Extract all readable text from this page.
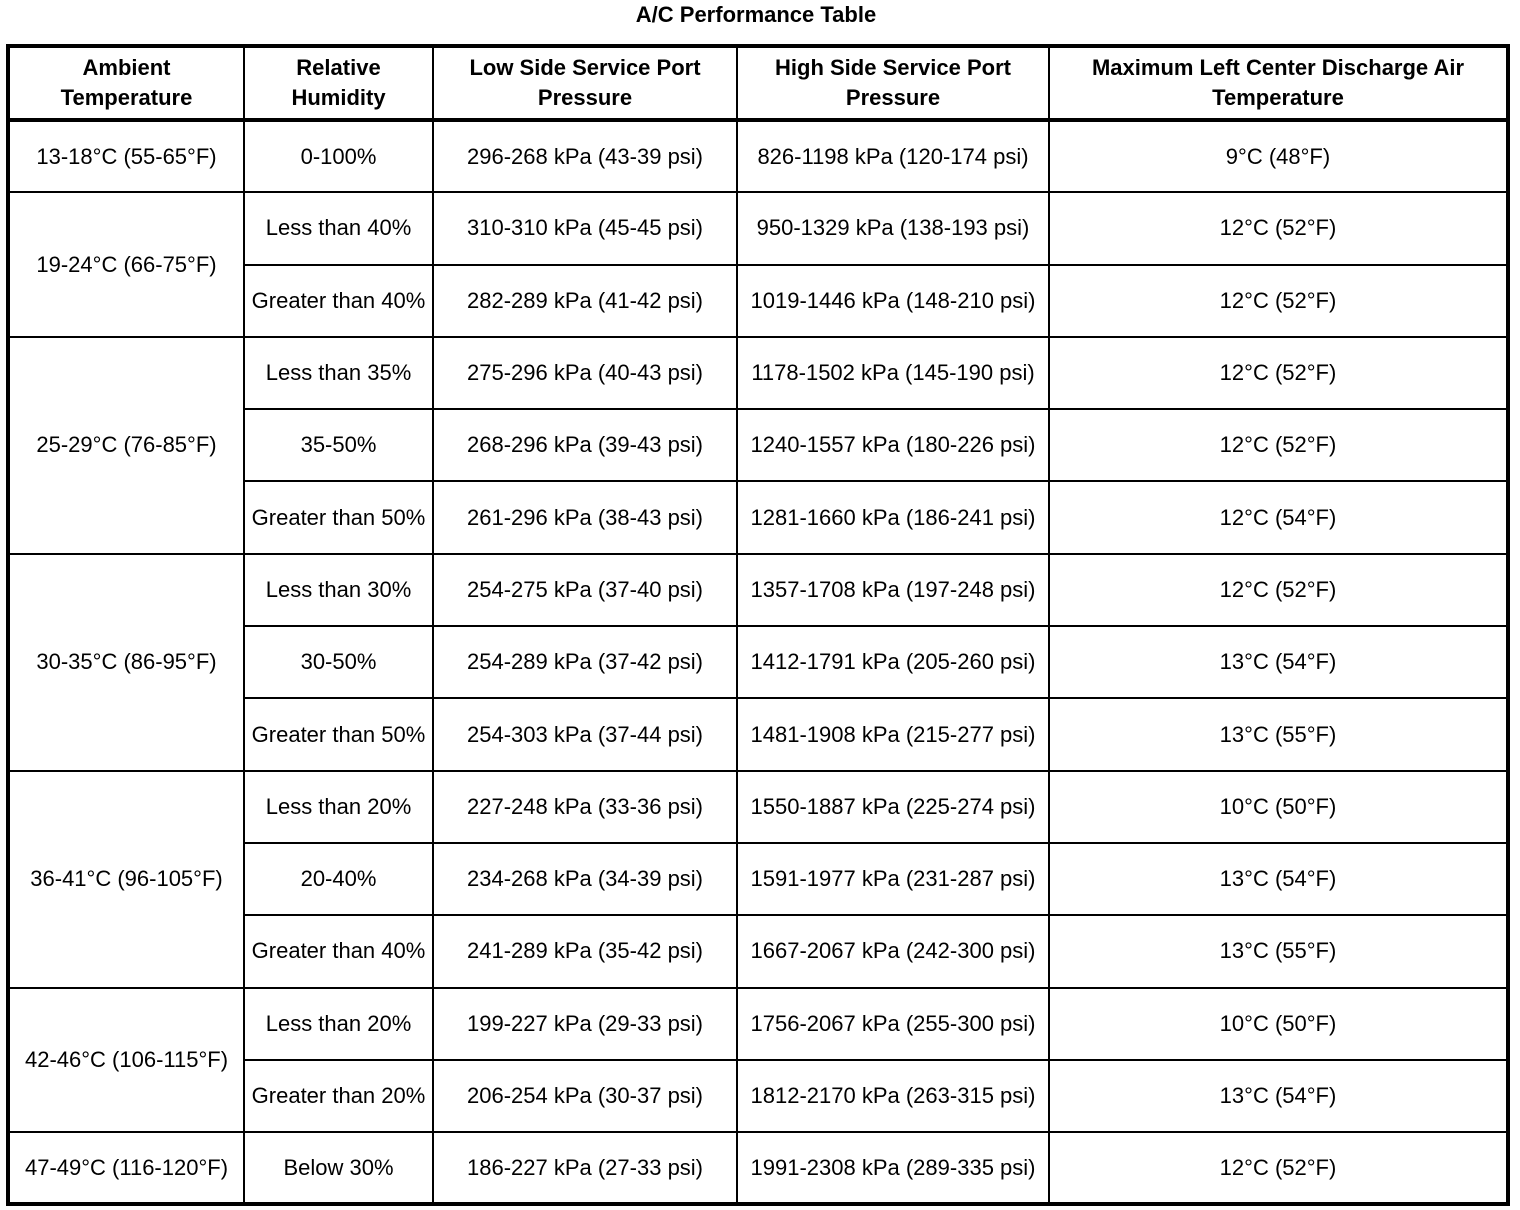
A/C Performance Table
Ambient Temperature	Relative Humidity	Low Side Service Port Pressure	High Side Service Port Pressure	Maximum Left Center Discharge Air Temperature
13-18°C (55-65°F)	0-100%	296-268 kPa (43-39 psi)	826-1198 kPa (120-174 psi)	9°C (48°F)
19-24°C (66-75°F)	Less than 40%	310-310 kPa (45-45 psi)	950-1329 kPa (138-193 psi)	12°C (52°F)
	Greater than 40%	282-289 kPa (41-42 psi)	1019-1446 kPa (148-210 psi)	12°C (52°F)
25-29°C (76-85°F)	Less than 35%	275-296 kPa (40-43 psi)	1178-1502 kPa (145-190 psi)	12°C (52°F)
	35-50%	268-296 kPa (39-43 psi)	1240-1557 kPa (180-226 psi)	12°C (52°F)
	Greater than 50%	261-296 kPa (38-43 psi)	1281-1660 kPa (186-241 psi)	12°C (54°F)
30-35°C (86-95°F)	Less than 30%	254-275 kPa (37-40 psi)	1357-1708 kPa (197-248 psi)	12°C (52°F)
	30-50%	254-289 kPa (37-42 psi)	1412-1791 kPa (205-260 psi)	13°C (54°F)
	Greater than 50%	254-303 kPa (37-44 psi)	1481-1908 kPa (215-277 psi)	13°C (55°F)
36-41°C (96-105°F)	Less than 20%	227-248 kPa (33-36 psi)	1550-1887 kPa (225-274 psi)	10°C (50°F)
	20-40%	234-268 kPa (34-39 psi)	1591-1977 kPa (231-287 psi)	13°C (54°F)
	Greater than 40%	241-289 kPa (35-42 psi)	1667-2067 kPa (242-300 psi)	13°C (55°F)
42-46°C (106-115°F)	Less than 20%	199-227 kPa (29-33 psi)	1756-2067 kPa (255-300 psi)	10°C (50°F)
	Greater than 20%	206-254 kPa (30-37 psi)	1812-2170 kPa (263-315 psi)	13°C (54°F)
47-49°C (116-120°F)	Below 30%	186-227 kPa (27-33 psi)	1991-2308 kPa (289-335 psi)	12°C (52°F)
